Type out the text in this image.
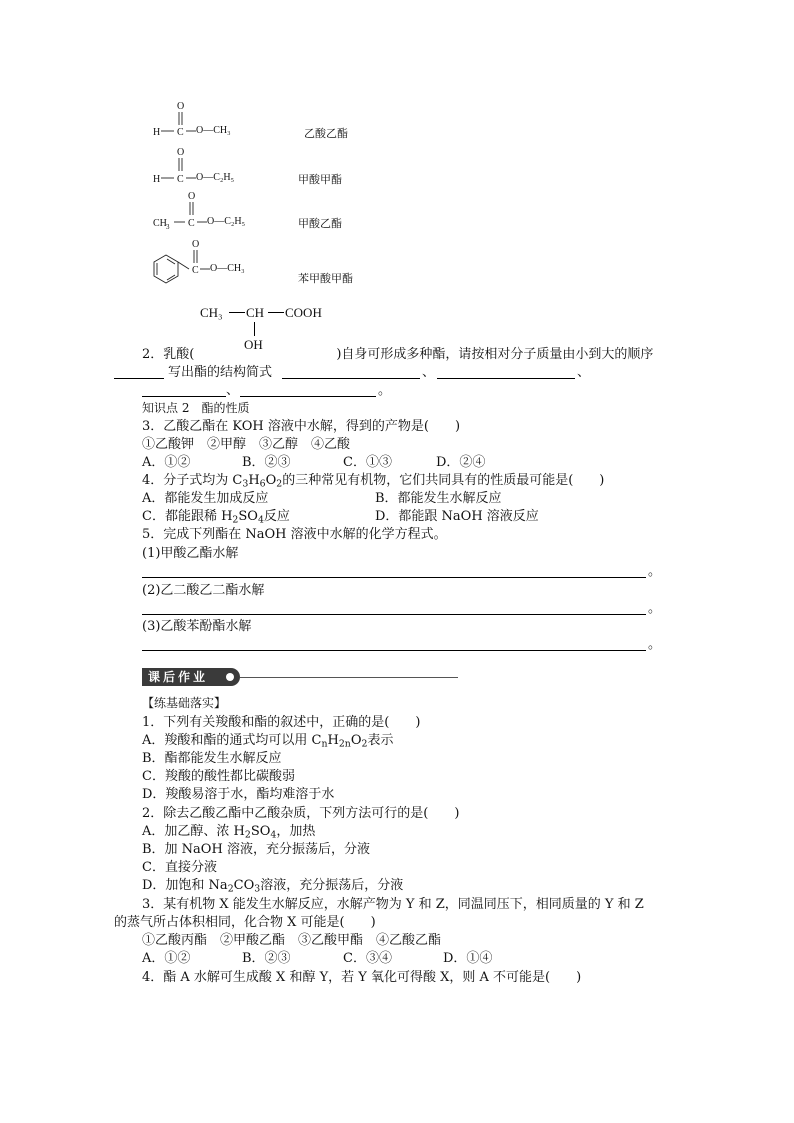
O
H C
O
H C
O
CH 3 C
O
C
O—CH₃
O—C₂H₅
O—C₂H₅
O—CH₃
乙酸乙酯
甲酸甲酯
甲酸乙酯
苯甲酸甲酯
CH₃ CH COOH
OH
2．乳酸(	)自身可形成多种酯，请按相对分子质量由小到大的顺序
写出酯的结构简式	、	、
、	。
知识点 2　酯的性质
3．乙酸乙酯在 KOH 溶液中水解，得到的产物是(　　)
①乙酸钾　②甲醇　③乙醇　④乙酸
A．①②	B．②③	C．①③	D．②④
4．分子式均为 $C_3H_6O_2$的三种常见有机物，它们共同具有的性质最可能是(　　)
A．都能发生加成反应	B．都能发生水解反应
C．都能跟稀 $H_2SO_4$反应	D．都能跟 NaOH 溶液反应
5．完成下列酯在 NaOH 溶液中水解的化学方程式。
(1)甲酸乙酯水解
。
(2)乙二酸乙二酯水解
。
(3)乙酸苯酚酯水解
。
课后作业
【练基础落实】
1．下列有关羧酸和酯的叙述中，正确的是(　　)
A．羧酸和酯的通式均可以用 $C_nH_{2n}O_2$表示
B．酯都能发生水解反应
C．羧酸的酸性都比碳酸弱
D．羧酸易溶于水，酯均难溶于水
2．除去乙酸乙酯中乙酸杂质，下列方法可行的是(　　)
A．加乙醇、浓 $H_2SO_4$，加热
B．加 NaOH 溶液，充分振荡后，分液
C．直接分液
D．加饱和 $Na_2CO_3$溶液，充分振荡后，分液
3．某有机物 X 能发生水解反应，水解产物为 Y 和 Z，同温同压下，相同质量的 Y 和 Z
的蒸气所占体积相同，化合物 X 可能是(　　)
①乙酸丙酯　②甲酸乙酯　③乙酸甲酯　④乙酸乙酯
A．①②	B．②③	C．③④	D．①④
4．酯 A 水解可生成酸 X 和醇 Y，若 Y 氧化可得酸 X，则 A 不可能是(　　)
